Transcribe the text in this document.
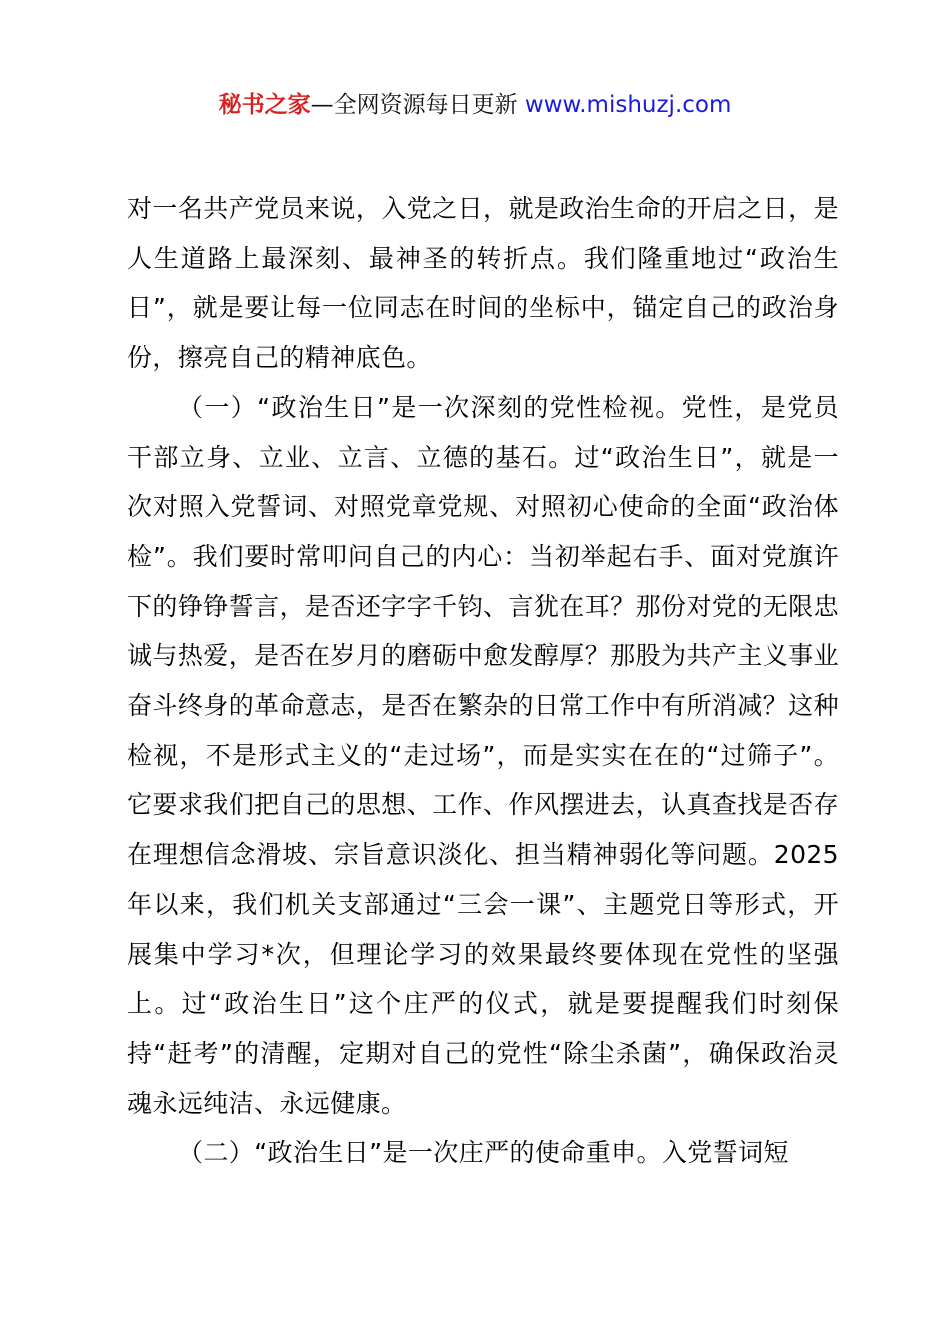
秘书之家—全网资源每日更新 www.mishuzj.com

对一名共产党员来说，入党之日，就是政治生命的开启之日，是人生道路上最深刻、最神圣的转折点。我们隆重地过“政治生日”，就是要让每一位同志在时间的坐标中，锚定自己的政治身份，擦亮自己的精神底色。

（一）“政治生日”是一次深刻的党性检视。党性，是党员干部立身、立业、立言、立德的基石。过“政治生日”，就是一次对照入党誓词、对照党章党规、对照初心使命的全面“政治体检”。我们要时常叩问自己的内心：当初举起右手、面对党旗许下的铮铮誓言，是否还字字千钧、言犹在耳？那份对党的无限忠诚与热爱，是否在岁月的磨砺中愈发醇厚？那股为共产主义事业奋斗终身的革命意志，是否在繁杂的日常工作中有所消减？这种检视，不是形式主义的“走过场”，而是实实在在的“过筛子”。它要求我们把自己的思想、工作、作风摆进去，认真查找是否存在理想信念滑坡、宗旨意识淡化、担当精神弱化等问题。2025年以来，我们机关支部通过“三会一课”、主题党日等形式，开展集中学习*次，但理论学习的效果最终要体现在党性的坚强上。过“政治生日”这个庄严的仪式，就是要提醒我们时刻保持“赶考”的清醒，定期对自己的党性“除尘杀菌”，确保政治灵魂永远纯洁、永远健康。

（二）“政治生日”是一次庄严的使命重申。入党誓词短
